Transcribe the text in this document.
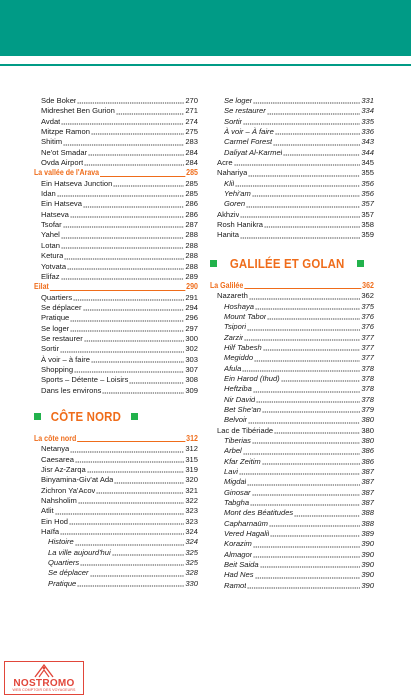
Sde Boker	270
Midreshet Ben Gurion	271
Avdat	274
Mitzpe Ramon	275
Shitim	283
Ne'ot Smadar	284
Ovda Airport	284
La vallée de l'Arava	285
Ein Hatseva Junction	285
Idan	285
Ein Hatseva	286
Hatseva	286
Tsofar	287
Yahel	288
Lotan	288
Ketura	288
Yotvata	288
Elifaz	289
Eilat	290
Quartiers	291
Se déplacer	294
Pratique	296
Se loger	297
Se restaurer	300
Sortir	302
À voir – à faire	303
Shopping	307
Sports – Détente – Loisirs	308
Dans les environs	309
CÔTE NORD
La côte nord	312
Netanya	312
Caesarea	315
Jisr Az-Zarqa	319
Binyamina-Giv'at Ada	320
Zichron Ya'Acov	321
Nahsholim	322
Atlit	323
Ein Hod	323
Haïfa	324
Histoire	324
La ville aujourd'hui	325
Quartiers	325
Se déplacer	328
Pratique	330
Se loger	331
Se restaurer	334
Sortir	335
À voir – À faire	336
Carmel Forest	343
Daliyat Al-Karmel	344
Acre	345
Nahariya	355
Klil	356
Yehi'am	356
Goren	357
Akhziv	357
Rosh Hanikra	358
Hanita	359
GALILÉE ET GOLAN
La Galilée	362
Nazareth	362
Hoshaya	375
Mount Tabor	376
Tsipori	376
Zarzir	377
Hilf Tabesh	377
Megiddo	377
Afula	378
Ein Harod (Ihud)	378
Heftziba	378
Nir David	378
Bet She'an	379
Belvoir	380
Lac de Tibériade	380
Tiberias	380
Arbel	386
Kfar Zeitim	386
Lavi	387
Migdal	387
Ginosar	387
Tabgha	387
Mont des Béatitudes	388
Capharnaüm	388
Vered Hagalil	389
Korazim	390
Almagor	390
Beit Saida	390
Had Nes	390
Ramot	390
NOSTROMO
WEB COMPTOIR DES VOYAGEURS
